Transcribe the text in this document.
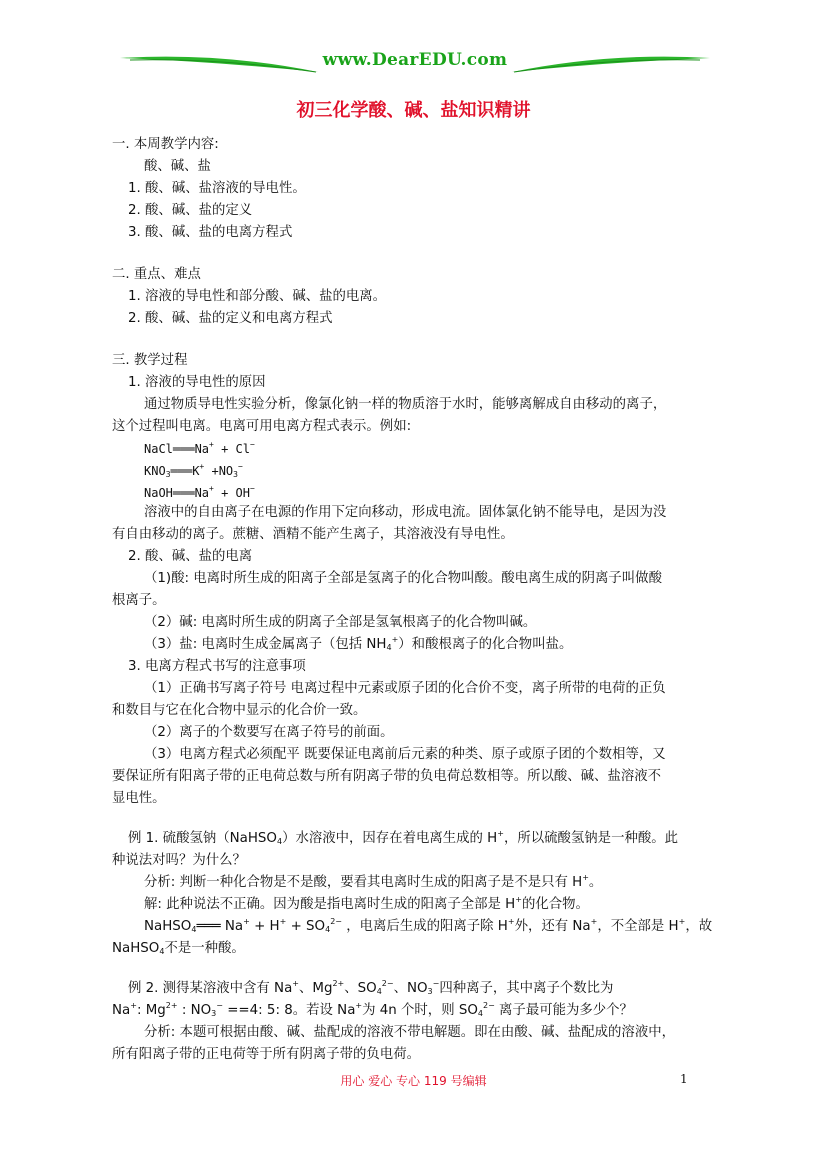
www.DearEDU.com
初三化学酸、碱、盐知识精讲
一. 本周教学内容:
酸、碱、盐
1. 酸、碱、盐溶液的导电性。
2. 酸、碱、盐的定义
3. 酸、碱、盐的电离方程式
二. 重点、难点
1. 溶液的导电性和部分酸、碱、盐的电离。
2. 酸、碱、盐的定义和电离方程式
三. 教学过程
1. 溶液的导电性的原因
通过物质导电性实验分析，像氯化钠一样的物质溶于水时，能够离解成自由移动的离子，
这个过程叫电离。电离可用电离方程式表示。例如:
NaCl═══Na+ + Cl−
$KNO_3═══K^+ +NO_3^-$
NaOH═══Na+ + OH−
溶液中的自由离子在电源的作用下定向移动，形成电流。固体氯化钠不能导电，是因为没
有自由移动的离子。蔗糖、酒精不能产生离子，其溶液没有导电性。
2. 酸、碱、盐的电离
（1)酸: 电离时所生成的阳离子全部是氢离子的化合物叫酸。酸电离生成的阴离子叫做酸
根离子。
（2）碱: 电离时所生成的阴离子全部是氢氧根离子的化合物叫碱。
（3）盐: 电离时生成金属离子（包括 $NH_4^+$）和酸根离子的化合物叫盐。
3. 电离方程式书写的注意事项
（1）正确书写离子符号 电离过程中元素或原子团的化合价不变，离子所带的电荷的正负
和数目与它在化合物中显示的化合价一致。
（2）离子的个数要写在离子符号的前面。
（3）电离方程式必须配平 既要保证电离前后元素的种类、原子或原子团的个数相等，又
要保证所有阳离子带的正电荷总数与所有阴离子带的负电荷总数相等。所以酸、碱、盐溶液不
显电性。
例 1. 硫酸氢钠（NaHSO$_4$）水溶液中，因存在着电离生成的 H+，所以硫酸氢钠是一种酸。此
种说法对吗？为什么？
分析: 判断一种化合物是不是酸，要看其电离时生成的阳离子是不是只有 H+。
解: 此种说法不正确。因为酸是指电离时生成的阳离子全部是 H+的化合物。
NaHSO$_4$═══ $Na^+ + H^+ + SO_4^{2-}$ ，电离后生成的阳离子除 H+外，还有 Na+，不全部是 H+，故
NaHSO$_4$不是一种酸。
例 2. 测得某溶液中含有 Na+、$Mg^{2+}$、$SO_4^{2-}$、$NO_3^-$四种离子，其中离子个数比为
Na+: $Mg^{2+}$ : $NO_3^- ==4$: 5: 8。若设 Na+为 4n 个时，则 $SO_4^{2-}$ 离子最可能为多少个？
分析: 本题可根据由酸、碱、盐配成的溶液不带电解题。即在由酸、碱、盐配成的溶液中，
所有阳离子带的正电荷等于所有阴离子带的负电荷。
用心 爱心 专心 119 号编辑	1
